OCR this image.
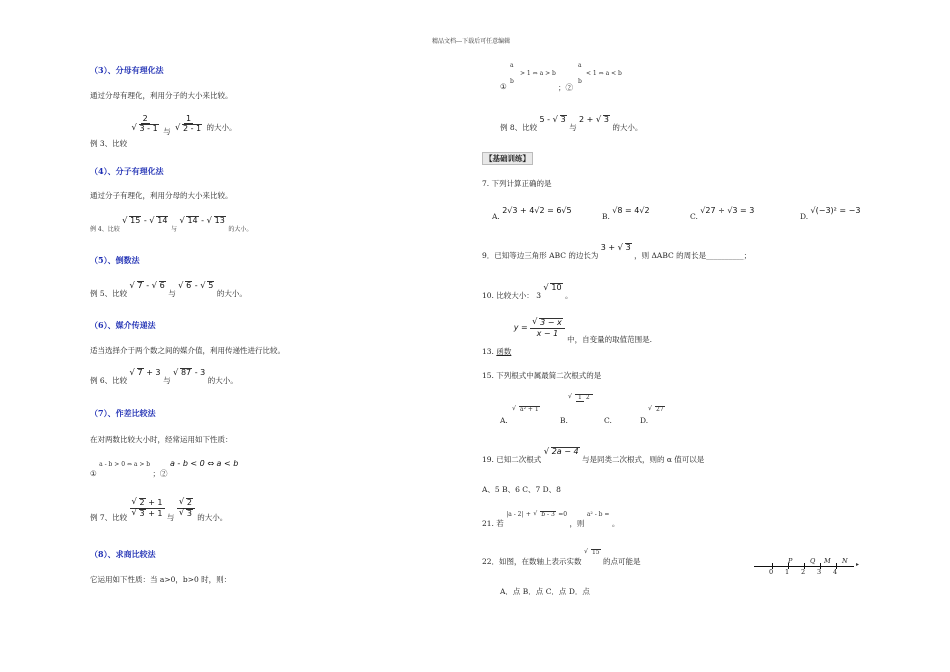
精品文档---下载后可任意编辑
（3）、分母有理化法
通过分母有理化，利用分子的大小来比较。
例 3、比较
2
√ 3 - 1 与 1
√ 2 - 1 的大小。
（4）、分子有理化法
通过分子有理化，利用分母的大小来比较。
$_{例 4、比较}$ √ 15 - √ 14 $_与$ √ 14 - √ 13 $_{的大小。}$
（5）、倒数法
例 5、比较 √ 7 - √ 6 与 √ 6 - √ 5 的大小。
（6）、媒介传递法
适当选择介于两个数之间的媒介值，利用传递性进行比较。
例 6、比较 √ 7 + 3 与 √ 87 - 3 的大小。
（7）、作差比较法
在对两数比较大小时，经常运用如下性质：
① a - b > 0 ⇔ a > b ；② a - b < 0 ⇔ a < b
例 7、比较 √ 2 + 1
√ 3 + 1 与 √ 2
√ 3 的大小。
（8）、求商比较法
它运用如下性质：当 a>0，b>0 时，则：
a
> 1 ⇔ a > b
b
a
< 1 ⇔ a < b
b
①	；②
例 8、比较 5 - √ 3 与 2 + √ 3 的大小。
【基础训练】
7. 下列计算正确的是
A. 2√3 + 4√2 = 6√5
B. √8 = 4√2
C. √27 ÷ √3 = 3
D. √(−3)² = −3
9．已知等边三角形 ABC 的边长为 3 + √ 3 ，则 ΔABC 的周长是__________；
10. 比较大小： 3 √ 10 。
13. 函数 y = √ $\frac{3 - x}{x - 1}$
中，自变量的取值范围是.
15. 下列根式中属最简二次根式的是
A.
√ a² + 1
B.
√ 1 2
C.	D.
√ 27
19. 已知二次根式 √ 2a − 4 与是同类二次根式，则的 α 值可以是
A、5 B、6 C、7 D、8
21. 若 |a - 2| + √ b - 3 =0 ，则 a² - b = 。
22．如图，在数轴上表示实数 √ 15 的点可能是
A．点 B．点 C．点 D．点
▸
0 1 2 3 4
P	Q M N
